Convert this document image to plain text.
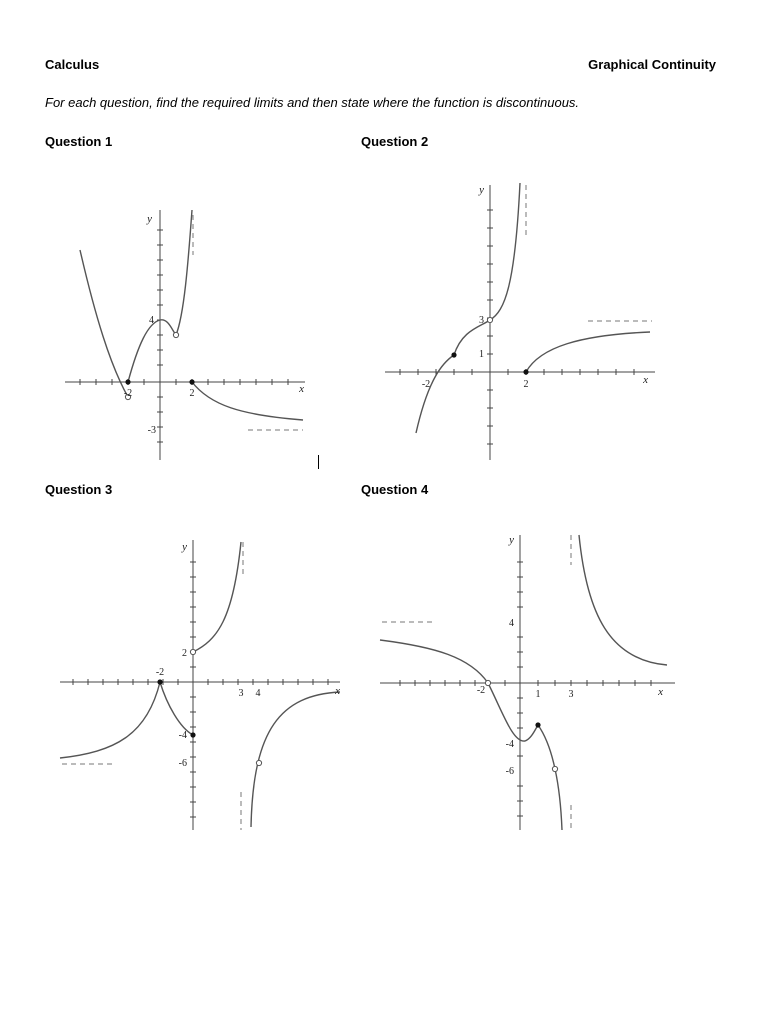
Calculus	Graphical Continuity
For each question, find the required limits and then state where the function is discontinuous.
Question 1	Question 2
Question 3	Question 4
x
y
-2	2
4
-3
x
y
-2	2
3
1
x
y
-2
3 4
2
-4
-6
x
y
-2	1	3
4
-4
-6
